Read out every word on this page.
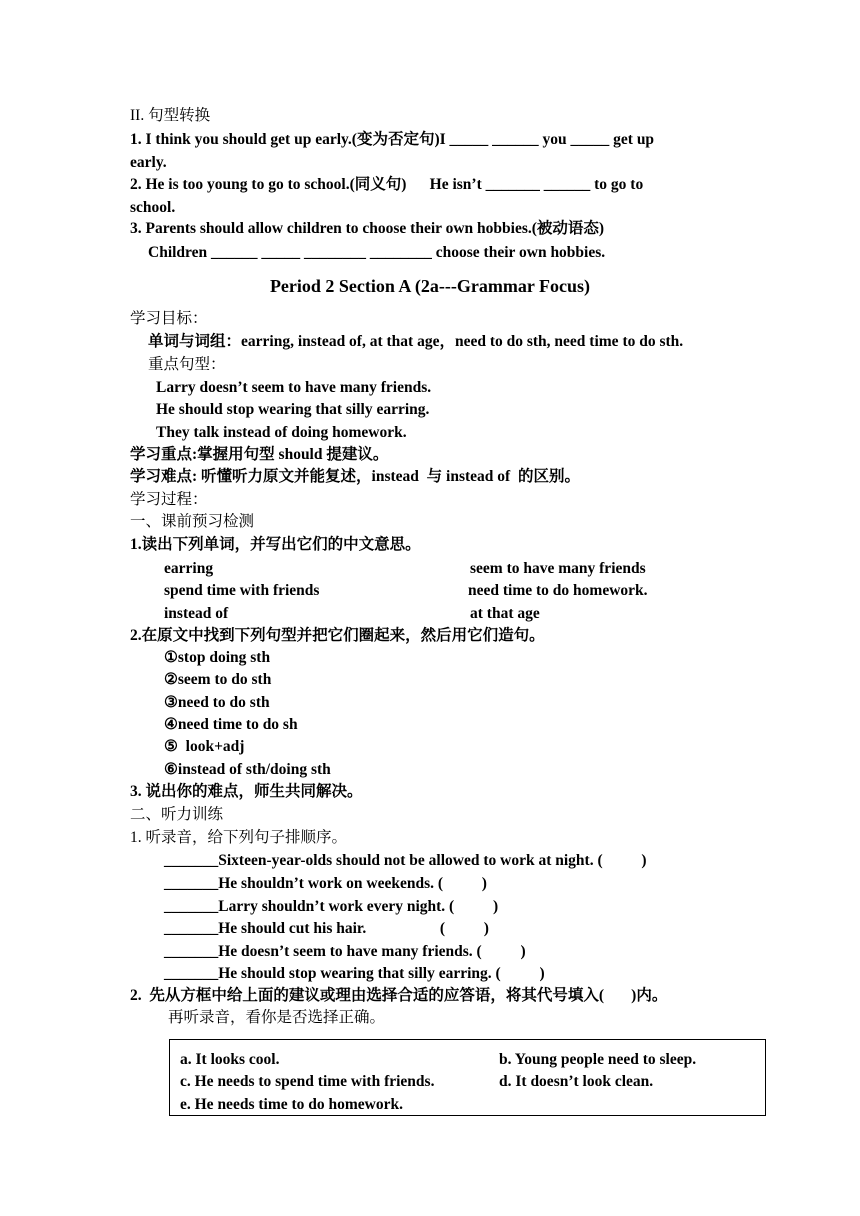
II. 句型转换
1. I think you should get up early.(变为否定句)I _____ ______ you _____ get up
early.
2. He is too young to go to school.(同义句)      He isn’t _______ ______ to go to
school.
3. Parents should allow children to choose their own hobbies.(被动语态)
Children ______ _____ ________ ________ choose their own hobbies.
Period 2 Section A (2a---Grammar Focus)
学习目标：
单词与词组：earring, instead of, at that age，need to do sth, need time to do sth.
重点句型：
Larry doesn’t seem to have many friends.
He should stop wearing that silly earring.
They talk instead of doing homework.
学习重点:掌握用句型 should 提建议。
学习难点: 听懂听力原文并能复述，instead  与 instead of  的区别。
学习过程：
一、课前预习检测
1.读出下列单词，并写出它们的中文意思。
earring
spend time with friends
instead of
seem to have many friends
need time to do homework.
at that age
2.在原文中找到下列句型并把它们圈起来，然后用它们造句。
①stop doing sth
②seem to do sth
③need to do sth
④need time to do sh
⑤  look+adj
⑥instead of sth/doing sth
3. 说出你的难点，师生共同解决。
二、听力训练
1. 听录音，给下列句子排顺序。
_______Sixteen-year-olds should not be allowed to work at night. (          )
_______He shouldn’t work on weekends. (          )
_______Larry shouldn’t work every night. (          )
_______He should cut his hair.                   (          )
_______He doesn’t seem to have many friends. (          )
_______He should stop wearing that silly earring. (          )
2.  先从方框中给上面的建议或理由选择合适的应答语，将其代号填入(       )内。
再听录音，看你是否选择正确。
a. It looks cool.	b. Young people need to sleep.
c. He needs to spend time with friends.	d. It doesn’t look clean.
e. He needs time to do homework.
